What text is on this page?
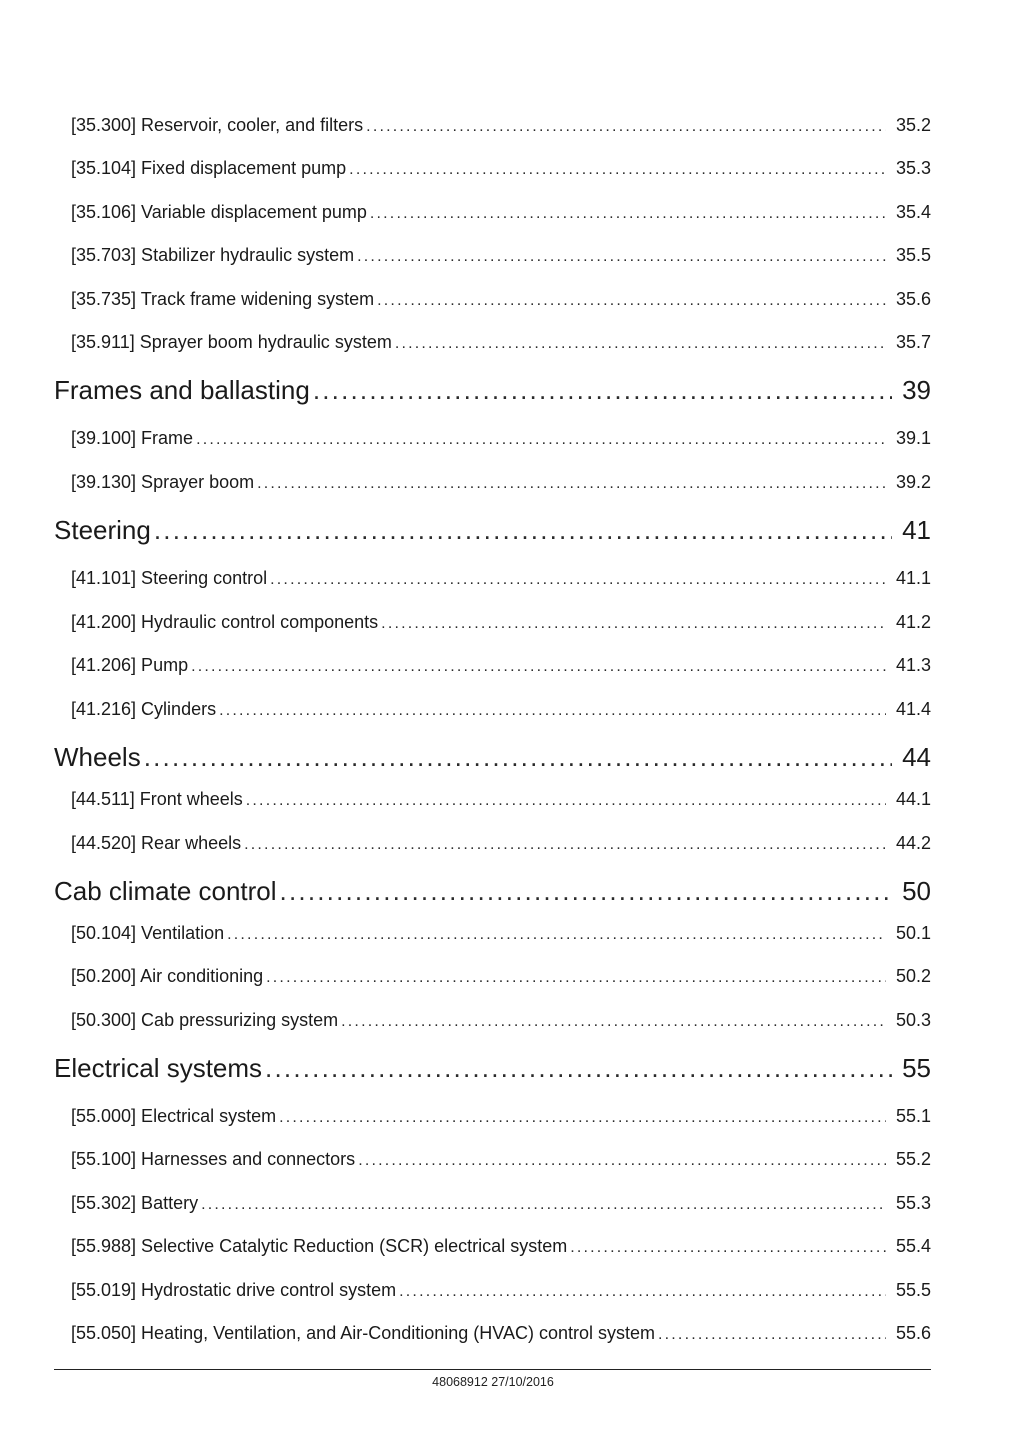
[35.300] Reservoir, cooler, and filters .....	35.2
[35.104] Fixed displacement pump .....	35.3
[35.106] Variable displacement pump .....	35.4
[35.703] Stabilizer hydraulic system .....	35.5
[35.735] Track frame widening system .....	35.6
[35.911] Sprayer boom hydraulic system .....	35.7
Frames and ballasting .....	39
[39.100] Frame .....	39.1
[39.130] Sprayer boom .....	39.2
Steering .....	41
[41.101] Steering control .....	41.1
[41.200] Hydraulic control components .....	41.2
[41.206] Pump .....	41.3
[41.216] Cylinders .....	41.4
Wheels .....	44
[44.511] Front wheels .....	44.1
[44.520] Rear wheels .....	44.2
Cab climate control .....	50
[50.104] Ventilation .....	50.1
[50.200] Air conditioning .....	50.2
[50.300] Cab pressurizing system .....	50.3
Electrical systems .....	55
[55.000] Electrical system .....	55.1
[55.100] Harnesses and connectors .....	55.2
[55.302] Battery .....	55.3
[55.988] Selective Catalytic Reduction (SCR) electrical system .....	55.4
[55.019] Hydrostatic drive control system .....	55.5
[55.050] Heating, Ventilation, and Air-Conditioning (HVAC) control system .....	55.6
48068912 27/10/2016
